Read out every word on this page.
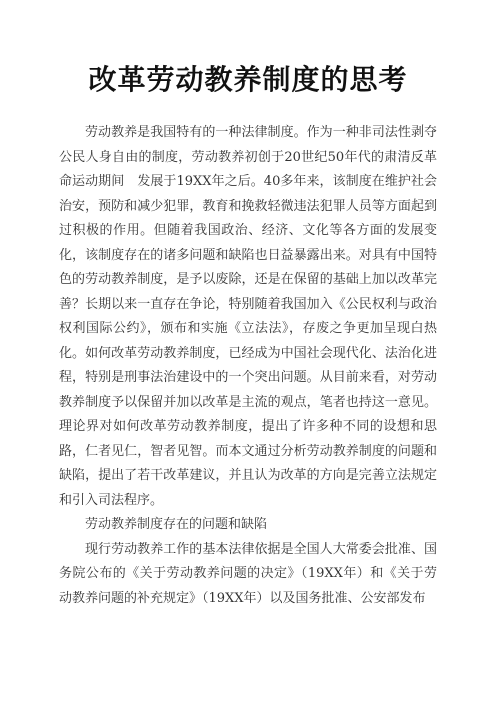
改革劳动教养制度的思考

劳动教养是我国特有的一种法律制度。作为一种非司法性剥夺公民人身自由的制度，劳动教养初创于20世纪50年代的肃清反革命运动期间　发展于19XX年之后。40多年来，该制度在维护社会治安，预防和减少犯罪，教育和挽救轻微违法犯罪人员等方面起到过积极的作用。但随着我国政治、经济、文化等各方面的发展变化，该制度存在的诸多问题和缺陷也日益暴露出来。对具有中国特色的劳动教养制度，是予以废除，还是在保留的基础上加以改革完善？长期以来一直存在争论，特别随着我国加入《公民权利与政治权利国际公约》，颁布和实施《立法法》，存废之争更加呈现白热化。如何改革劳动教养制度，已经成为中国社会现代化、法治化进程，特别是刑事法治建设中的一个突出问题。从目前来看，对劳动教养制度予以保留并加以改革是主流的观点，笔者也持这一意见。理论界对如何改革劳动教养制度，提出了许多种不同的设想和思路，仁者见仁，智者见智。而本文通过分析劳动教养制度的问题和缺陷，提出了若干改革建议，并且认为改革的方向是完善立法规定和引入司法程序。

劳动教养制度存在的问题和缺陷

现行劳动教养工作的基本法律依据是全国人大常委会批准、国务院公布的《关于劳动教养问题的决定》（19XX年）和《关于劳动教养问题的补充规定》（19XX年）以及国务批准、公安部发布
